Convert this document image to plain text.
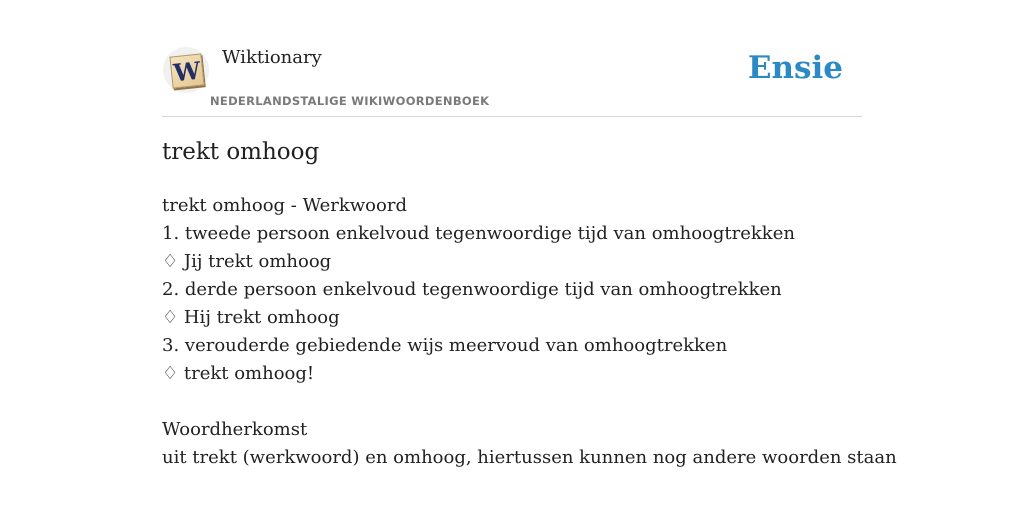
W Wiktionary
NEDERLANDSTALIGE WIKIWOORDENBOEK
Ensie
trekt omhoog
trekt omhoog - Werkwoord
1. tweede persoon enkelvoud tegenwoordige tijd van omhoogtrekken
♢ Jij trekt omhoog
2. derde persoon enkelvoud tegenwoordige tijd van omhoogtrekken
♢ Hij trekt omhoog
3. verouderde gebiedende wijs meervoud van omhoogtrekken
♢ trekt omhoog!
Woordherkomst
uit trekt (werkwoord) en omhoog, hiertussen kunnen nog andere woorden staan
